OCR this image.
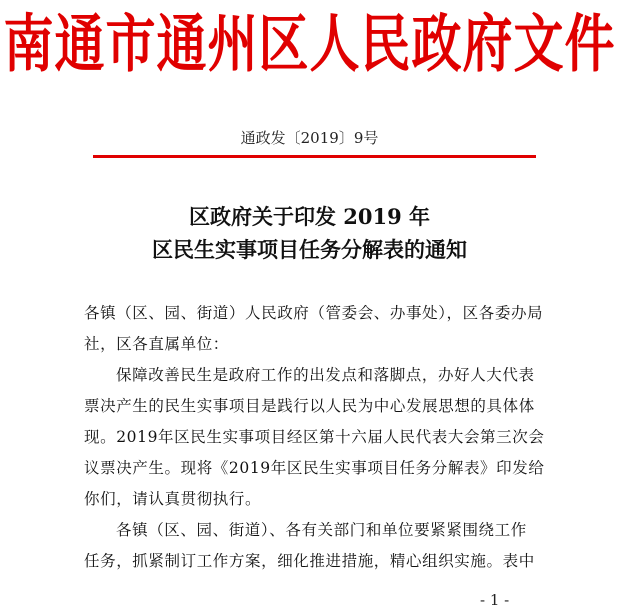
南通市通州区人民政府文件
通政发〔2019〕9号
区政府关于印发 2019 年
区民生实事项目任务分解表的通知

各镇（区、园、街道）人民政府（管委会、办事处），区各委办局

社，区各直属单位：

保障改善民生是政府工作的出发点和落脚点，办好人大代表

票决产生的民生实事项目是践行以人民为中心发展思想的具体体

现。2019年区民生实事项目经区第十六届人民代表大会第三次会

议票决产生。现将《2019年区民生实事项目任务分解表》印发给

你们，请认真贯彻执行。

各镇（区、园、街道）、各有关部门和单位要紧紧围绕工作

任务，抓紧制订工作方案，细化推进措施，精心组织实施。表中

- 1 -
